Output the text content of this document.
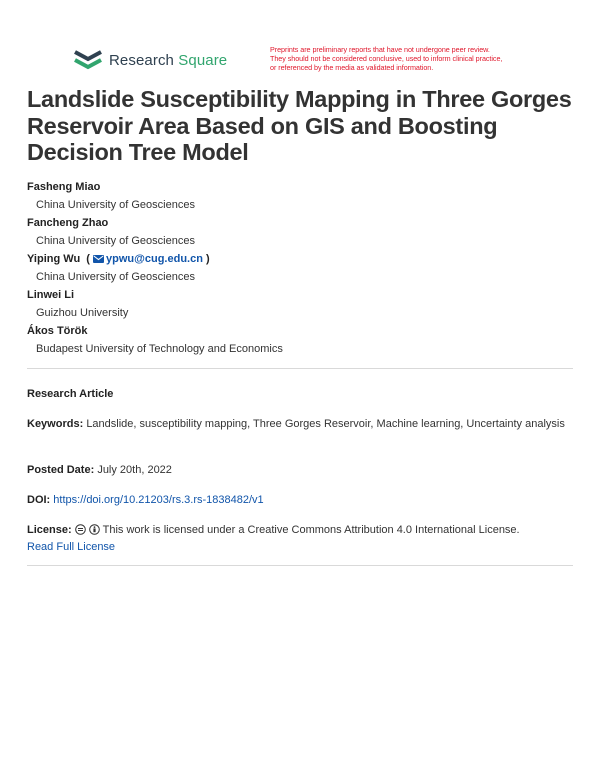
Research Square
Preprints are preliminary reports that have not undergone peer review.
They should not be considered conclusive, used to inform clinical practice,
or referenced by the media as validated information.
Landslide Susceptibility Mapping in Three Gorges Reservoir Area Based on GIS and Boosting Decision Tree Model
Fasheng Miao
China University of Geosciences
Fancheng Zhao
China University of Geosciences
Yiping Wu  ( ypwu@cug.edu.cn )
China University of Geosciences
Linwei Li
Guizhou University
Ákos Török
Budapest University of Technology and Economics
Research Article
Keywords: Landslide, susceptibility mapping, Three Gorges Reservoir, Machine learning, Uncertainty analysis
Posted Date: July 20th, 2022
DOI: https://doi.org/10.21203/rs.3.rs-1838482/v1
License:	This work is licensed under a Creative Commons Attribution 4.0 International License.
Read Full License
